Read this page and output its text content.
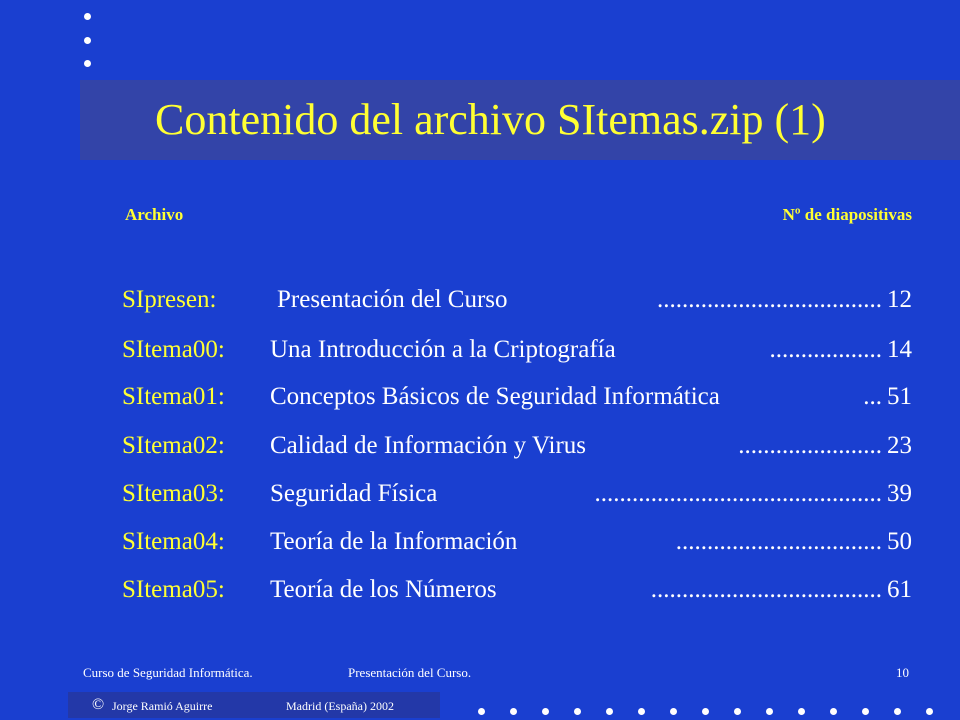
Contenido del archivo SItemas.zip (1)
Archivo	Nº de diapositivas
SIpresen: Presentación del Curso	.................................... 12
SItema00: Una Introducción a la Criptografía	.................. 14
SItema01: Conceptos Básicos de Seguridad Informática	... 51
SItema02: Calidad de Información y Virus	....................... 23
SItema03: Seguridad Física	.............................................. 39
SItema04: Teoría de la Información	................................. 50
SItema05: Teoría de los Números	..................................... 61
Curso de Seguridad Informática.	Presentación del Curso.	10
© Jorge Ramió Aguirre	Madrid (España) 2002
